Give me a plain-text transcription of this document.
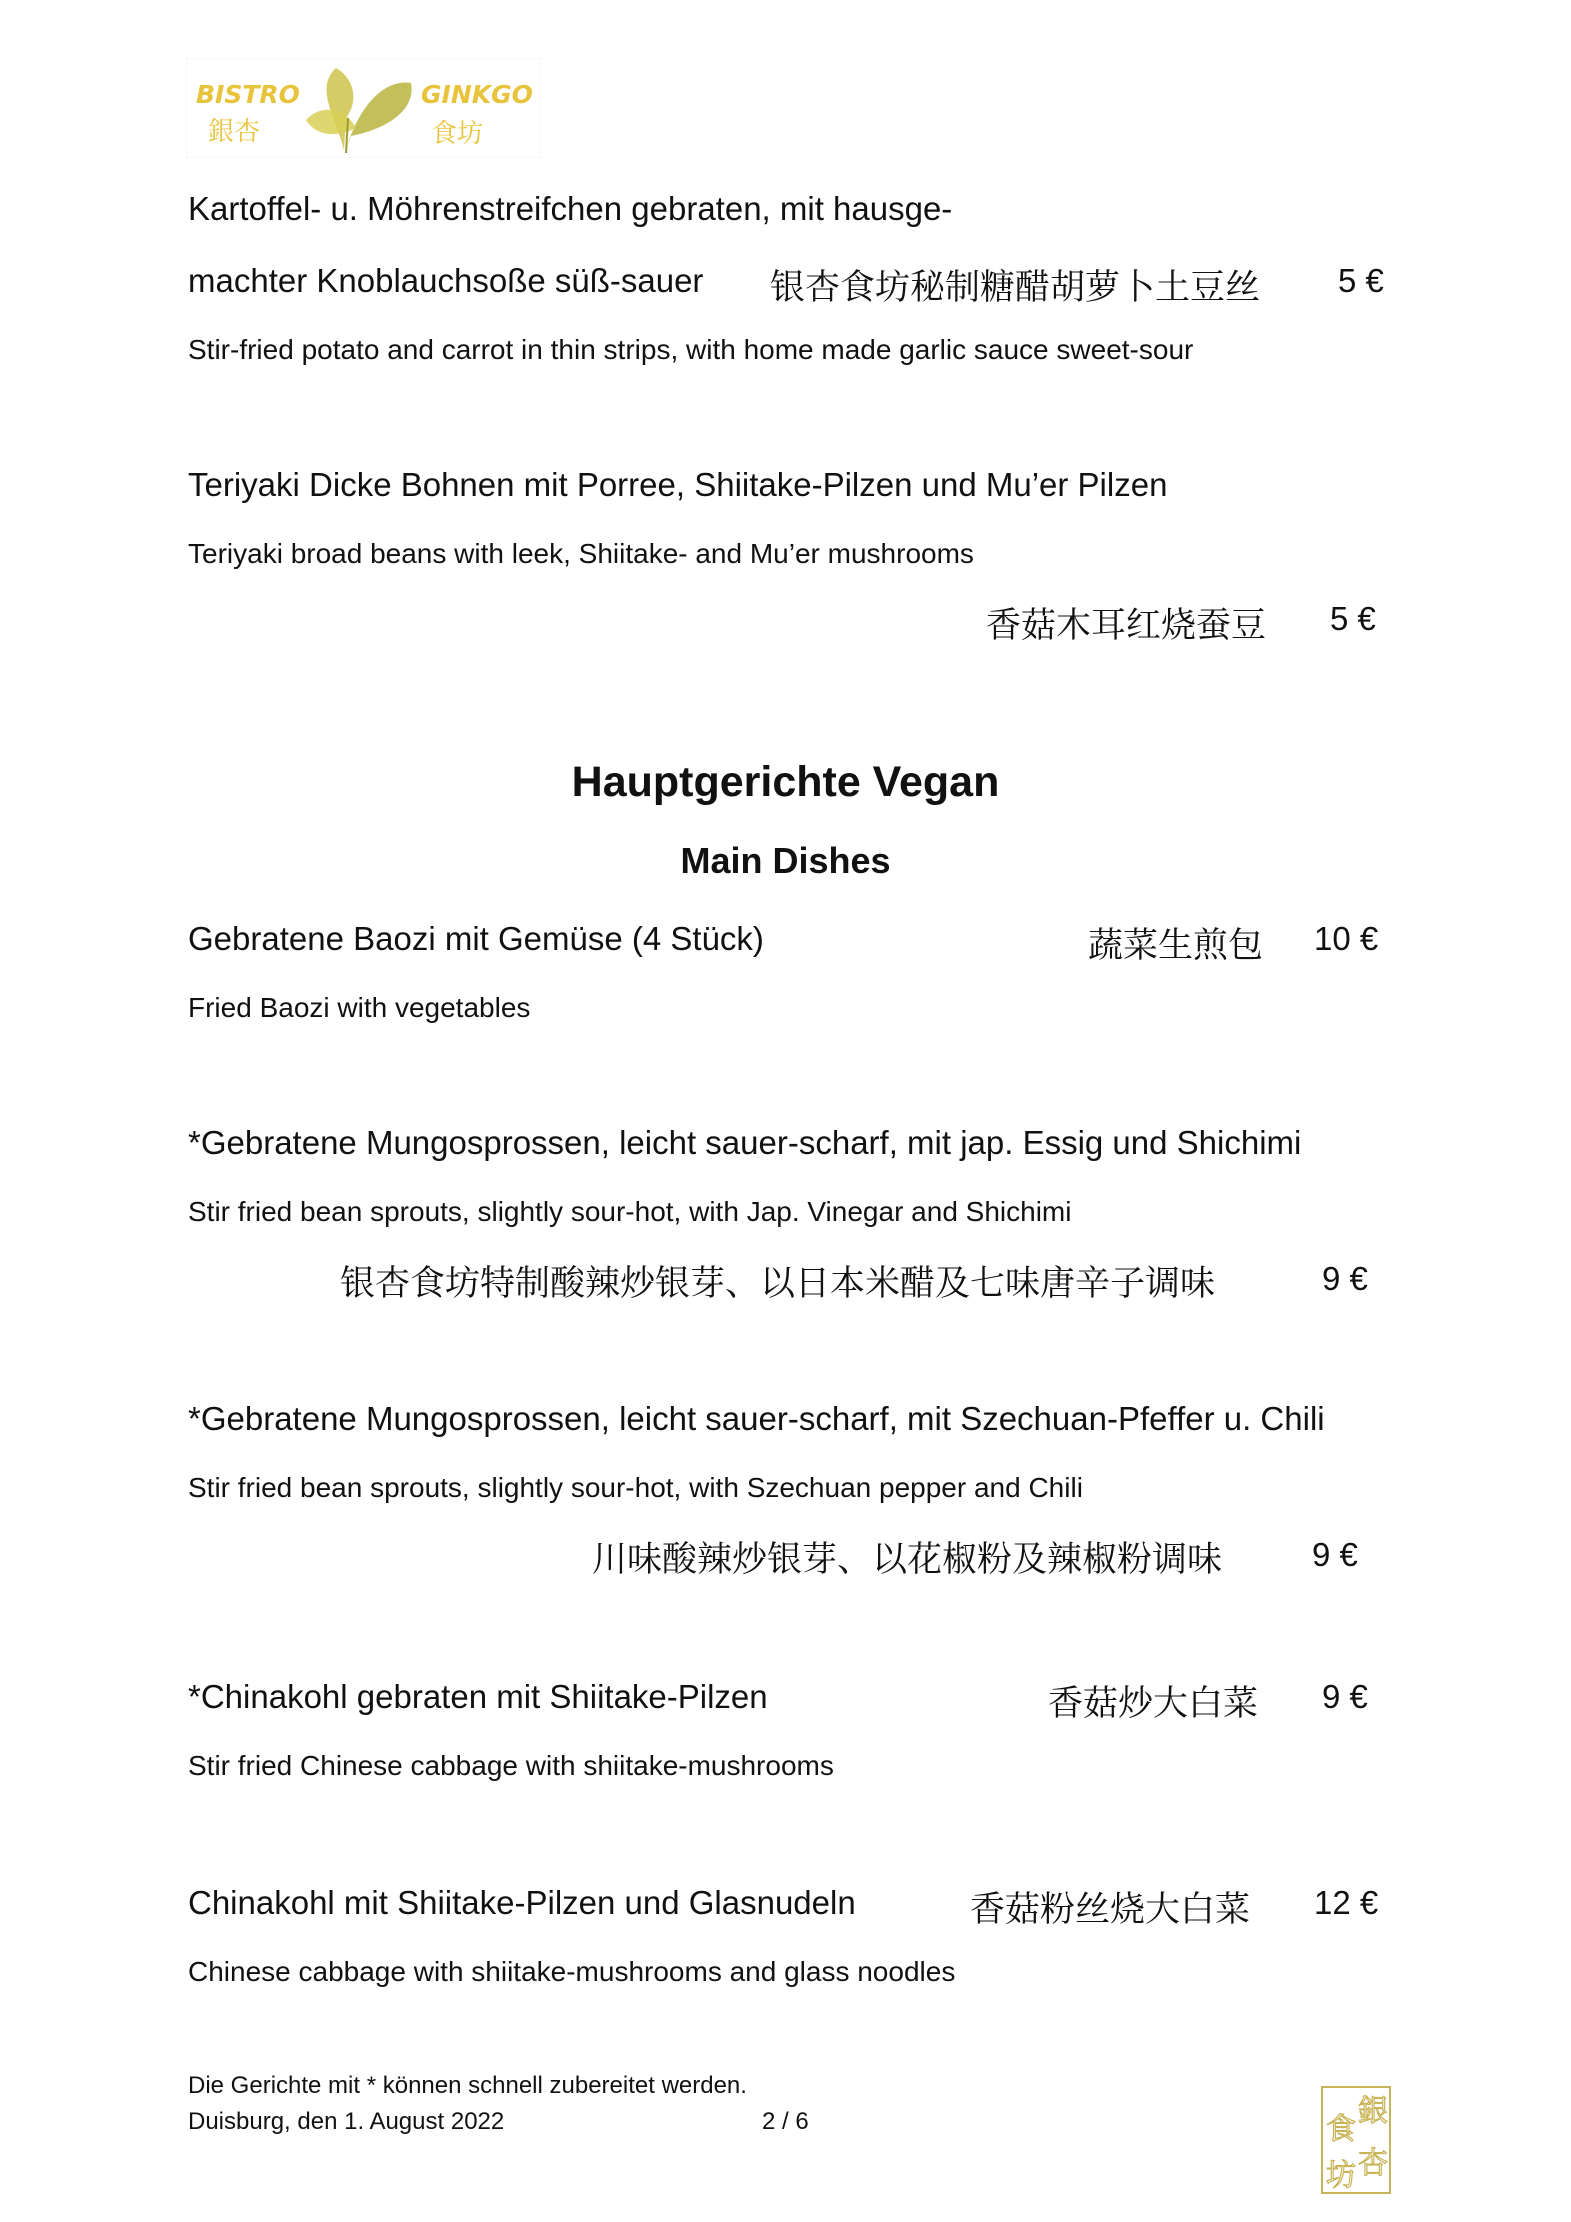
BISTRO	GINKGO
銀杏	食坊
Kartoffel- u. Möhrenstreifchen gebraten, mit hausge-
machter Knoblauchsoße süß-sauer 银杏食坊秘制糖醋胡萝卜土豆丝 5 €
Stir-fried potato and carrot in thin strips, with home made garlic sauce sweet-sour
Teriyaki Dicke Bohnen mit Porree, Shiitake-Pilzen und Mu’er Pilzen
Teriyaki broad beans with leek, Shiitake- and Mu’er mushrooms
香菇木耳红烧蚕豆 5 €
Hauptgerichte Vegan
Main Dishes
Gebratene Baozi mit Gemüse (4 Stück)	蔬菜生煎包 10 €
Fried Baozi with vegetables
*Gebratene Mungosprossen, leicht sauer-scharf, mit jap. Essig und Shichimi
Stir fried bean sprouts, slightly sour-hot, with Jap. Vinegar and Shichimi
银杏食坊特制酸辣炒银芽、以日本米醋及七味唐辛子调味	9 €
*Gebratene Mungosprossen, leicht sauer-scharf, mit Szechuan-Pfeffer u. Chili
Stir fried bean sprouts, slightly sour-hot, with Szechuan pepper and Chili
川味酸辣炒银芽、以花椒粉及辣椒粉调味	9 €
*Chinakohl gebraten mit Shiitake-Pilzen	香菇炒大白菜 9 €
Stir fried Chinese cabbage with shiitake-mushrooms
Chinakohl mit Shiitake-Pilzen und Glasnudeln	香菇粉丝烧大白菜 12 €
Chinese cabbage with shiitake-mushrooms and glass noodles
Die Gerichte mit * können schnell zubereitet werden.
Duisburg, den 1. August 2022	2 / 6	銀
杏
食
坊
